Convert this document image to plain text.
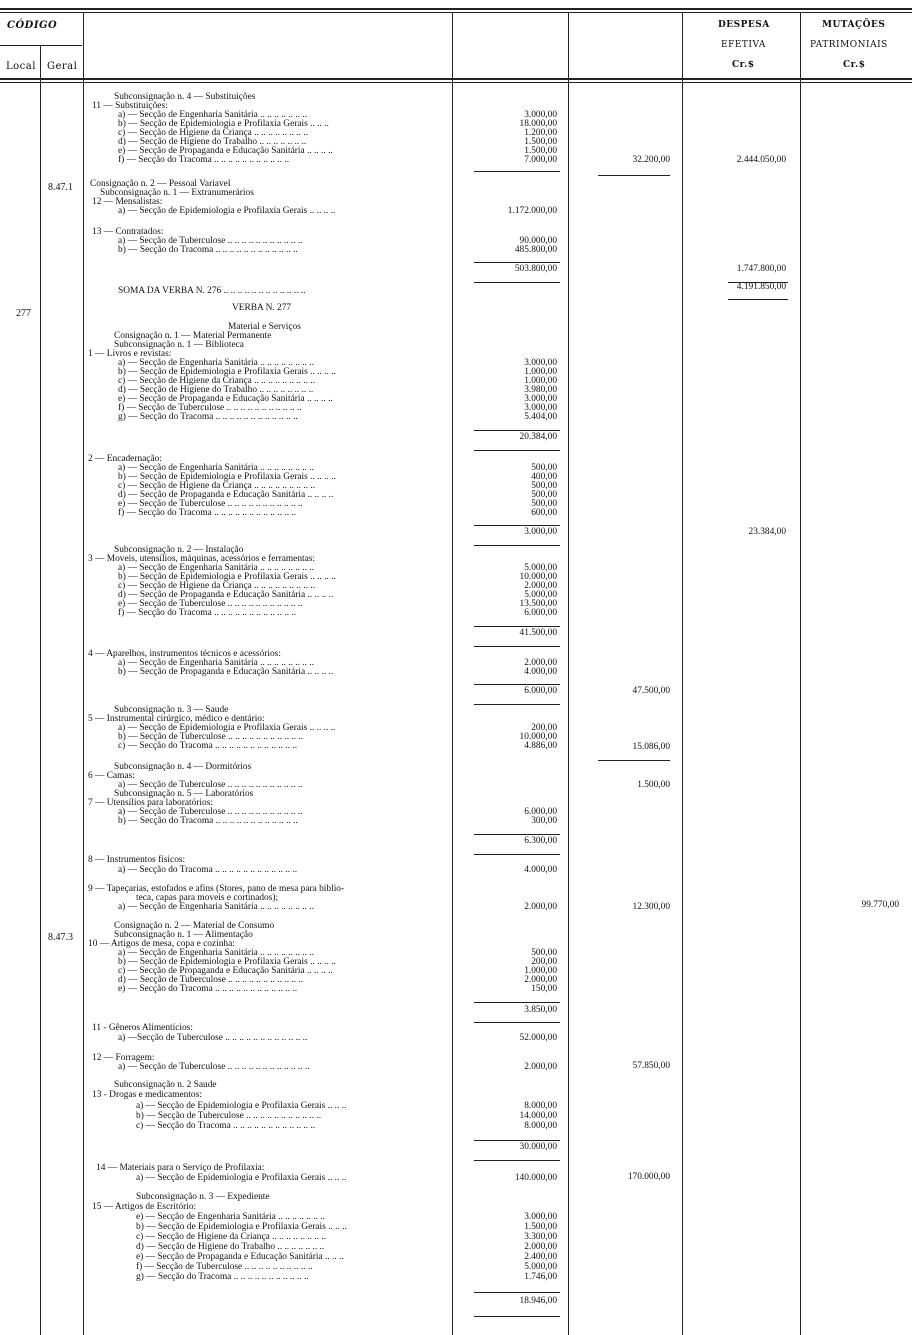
CÓDIGO
Local Geral
DESPESA
EFETIVA
Cr.$
MUTAÇÕES
PATRIMONIAIS
Cr.$
8.47.1
277
8.47.3
Subconsignação n. 4 — Substituições
11 — Substituições:
a) — Secção de Engenharia Sanitária .. .. .. .. .. .. ..
b) — Secção de Epidemiologia e Profilaxia Gerais .. .. ..
c) — Secção de Higiene da Criança .. .. .. .. .. .. .. ..
d) — Secção de Higiene do Trabalho .. .. .. .. .. .. ..
e) — Secção de Propaganda e Educação Sanitária .. .. .. ..
f) — Secção do Tracoma .. .. .. .. .. .. .. .. .. .. ..
Consignação n. 2 — Pessoal Variavel
Subconsignação n. 1 — Extranumerários
12 — Mensalistas:
a) — Secção de Epidemiologia e Profilaxia Gerais .. .. .. ..
13 — Contratados:
a) — Secção de Tuberculose .. .. .. .. .. .. .. .. .. .. ..
b) — Secção do Tracoma .. .. .. .. .. .. .. .. .. .. .. ..
SOMA DA VERBA N. 276 .. .. .. .. .. .. .. .. .. .. .. ..
VERBA N. 277
Material e Serviços
Consignação n. 1 — Material Permanente
Subconsignação n. 1 — Biblioteca
1 — Livros e revistas:
a) — Secção de Engenharia Sanitária .. .. .. .. .. .. .. ..
b) — Secção de Epidemiologia e Profilaxia Gerais .. .. .. ..
c) — Secção de Higiene da Criança .. .. .. .. .. .. .. .. ..
d) — Secção de Higiene do Trabalho .. .. .. .. .. .. .. ..
e) — Secção de Propaganda e Educação Sanitária .. .. .. ..
f) — Secção de Tuberculose .. .. .. .. .. .. .. .. .. .. ..
g) — Secção do Tracoma .. .. .. .. .. .. .. .. .. .. .. ..
2 — Encadernação:
a) — Secção de Engenharia Sanitária .. .. .. .. .. .. .. ..
b) — Secção de Epidemiologia e Profilaxia Gerais .. .. .. ..
c) — Secção de Higiene da Criança .. .. .. .. .. .. .. .. ..
d) — Secção de Propaganda e Educação Sanitária .. .. .. ..
e) — Secção de Tuberculose .. .. .. .. .. .. .. .. .. .. ..
f) — Secção do Tracoma .. .. .. .. .. .. .. .. .. .. .. ..
Subconsignação n. 2 — Instalação
3 — Moveis, utensílios, máquinas, acessórios e ferramentas:
a) — Secção de Engenharia Sanitária .. .. .. .. .. .. .. ..
b) — Secção de Epidemiologia e Profilaxia Gerais .. .. .. ..
c) — Secção de Higiene da Criança .. .. .. .. .. .. .. .. ..
d) — Secção de Propaganda e Educação Sanitária .. .. .. ..
e) — Secção de Tuberculose .. .. .. .. .. .. .. .. .. .. ..
f) — Secção do Tracoma .. .. .. .. .. .. .. .. .. .. .. ..
4 — Aparelhos, instrumentos técnicos e acessórios:
a) — Secção de Engenharia Sanitária .. .. .. .. .. .. .. ..
b) — Secção de Propaganda e Educação Sanitária .. .. .. ..
Subconsignação n. 3 — Saude
5 — Instrumental cirúrgico, médico e dentário:
a) — Secção de Epidemiologia e Profilaxia Gerais .. .. .. ..
b) — Secção de Tuberculose .. .. .. .. .. .. .. .. .. .. ..
c) — Secção do Tracoma .. .. .. .. .. .. .. .. .. .. .. ..
Subconsignação n. 4 — Dormitórios
6 — Camas:
a) — Secção de Tuberculose .. .. .. .. .. .. .. .. .. .. ..
Subconsignação n. 5 — Laboratórios
7 — Utensílios para laboratórios:
a) — Secção de Tuberculose .. .. .. .. .. .. .. .. .. .. ..
b) — Secção do Tracoma .. .. .. .. .. .. .. .. .. .. .. ..
8 — Instrumentos físicos:
a) — Secção do Tracoma .. .. .. .. .. .. .. .. .. .. .. ..
9 — Tapeçarias, estofados e afins (Stores, pano de mesa para biblio-
teca, capas para moveis e cortinados);
a) — Secção de Engenharia Sanitária .. .. .. .. .. .. .. ..
Consignação n. 2 — Material de Consumo
Subconsignação n. 1 — Alimentação
10 — Artigos de mesa, copa e cozinha:
a) — Secção de Engenharia Sanitária .. .. .. .. .. .. .. ..
b) — Secção de Epidemiologia e Profilaxia Gerais .. .. .. ..
c) — Secção de Propaganda e Educação Sanitária .. .. .. ..
d) — Secção de Tuberculose .. .. .. .. .. .. .. .. .. .. ..
e) — Secção do Tracoma .. .. .. .. .. .. .. .. .. .. .. ..
11 - Gêneros Alimentícios:
a) —Secção de Tuberculose .. .. .. .. .. .. .. .. .. .. .. ..
12 — Forragem:
a) — Secção de Tuberculose .. .. .. .. .. .. .. .. .. .. .. ..
Subconsignação n. 2 Saude
13 - Drogas e medicamentos:
a) — Secção de Epidemiologia e Profilaxia Gerais .. .. ..
b) — Secção de Tuberculose .. .. .. .. .. .. .. .. .. .. ..
c) — Secção do Tracoma .. .. .. .. .. .. .. .. .. .. .. ..
14 — Materiais para o Serviço de Profilaxia:
a) — Secção de Epidemiologia e Profilaxia Gerais .. .. ..
Subconsignação n. 3 — Expediente
15 — Artigos de Escritório:
e) — Secção de Engenharia Sanitária .. .. .. .. .. .. ..
b) — Secção de Epidemiologia e Profilaxia Gerais .. .. ..
c) — Secção de Higiene da Criança .. .. .. .. .. .. .. ..
d) — Secção de Higiene do Trabalho .. .. .. .. .. .. ..
e) — Secção de Propaganda e Educação Sanitária .. .. ..
f) — Secção de Tuberculose .. .. .. .. .. .. .. .. .. ..
g) — Secção do Tracoma .. .. .. .. .. .. .. .. .. .. ..
3.000,00
18.000,00
1.200,00
1.500,00
1.500,00
7.000,00
1.172.000,00
90.000,00
485.800,00
503.800,00
3.000,00
1.000,00
1.000,00
3.980,00
3.000,00
3.000,00
5.404,00
20.384,00
500,00
400,00
500,00
500,00
500,00
600,00
3.000,00
5.000,00
10.000,00
2.000,00
5.000,00
13.500,00
6.000,00
41.500,00
2.000,00
4.000,00
6.000,00
200,00
10.000,00
4.886,00
6.000,00
300,00
6.300,00
4.000,00
2.000,00
500,00
200,00
1.000,00
2.000,00
150,00
3.850,00
52.000,00
2.000,00
8.000,00
14.000,00
8.000,00
30.000,00
140.000,00
3.000,00
1.500,00
3.300,00
2.000,00
2.400,00
5.000,00
1.746,00
18.946,00
32.200,00
47.500,00
15.086,00
1.500,00
12.300,00
57.850,00
170.000,00
2.444.050,00
1.747.800,00
4.191.850,00
23.384,00
99.770,00
